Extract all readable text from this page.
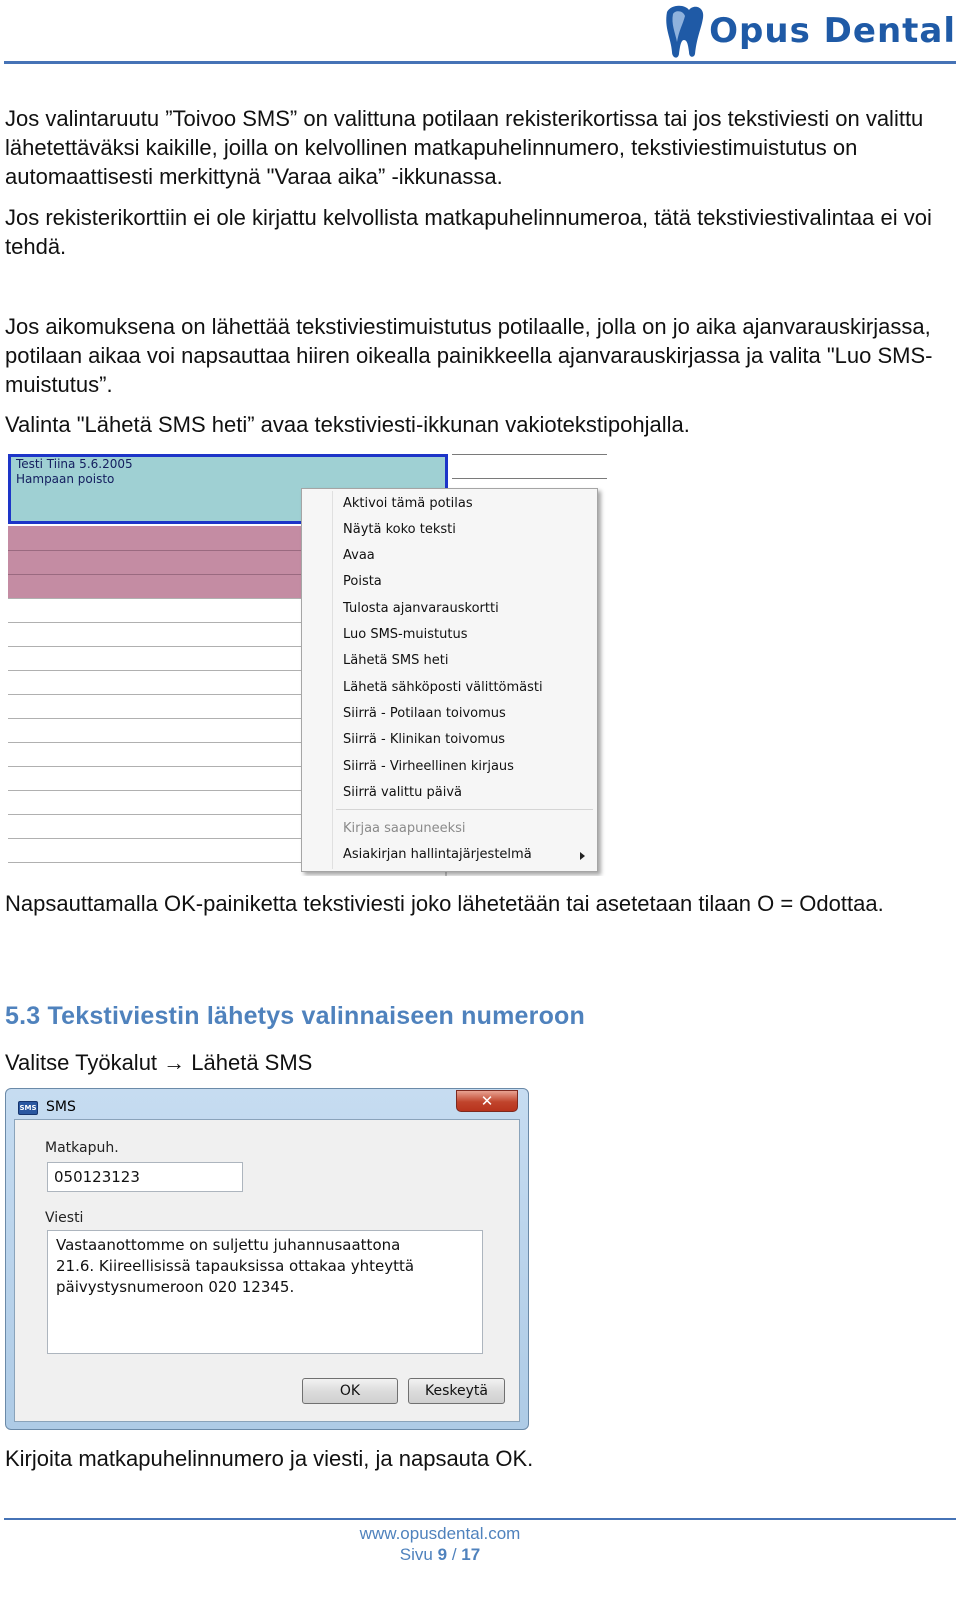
Opus Dental

Jos valintaruutu ”Toivoo SMS” on valittuna potilaan rekisterikortissa tai jos tekstiviesti on valittu lähetettäväksi kaikille, joilla on kelvollinen matkapuhelinnumero, tekstiviestimuistutus on automaattisesti merkittynä "Varaa aika” -ikkunassa.

Jos rekisterikorttiin ei ole kirjattu kelvollista matkapuhelinnumeroa, tätä tekstiviestivalintaa ei voi tehdä.

Jos aikomuksena on lähettää tekstiviestimuistutus potilaalle, jolla on jo aika ajanvarauskirjassa, potilaan aikaa voi napsauttaa hiiren oikealla painikkeella ajanvarauskirjassa ja valita "Luo SMS-muistutus”.

Valinta "Lähetä SMS heti” avaa tekstiviesti-ikkunan vakiotekstipohjalla.

Testi Tiina 5.6.2005
Hampaan poisto
Aktivoi tämä potilas
Näytä koko teksti
Avaa
Poista
Tulosta ajanvarauskortti
Luo SMS-muistutus
Lähetä SMS heti
Lähetä sähköposti välittömästi
Siirrä - Potilaan toivomus
Siirrä - Klinikan toivomus
Siirrä - Virheellinen kirjaus
Siirrä valittu päivä
Kirjaa saapuneeksi
Asiakirjan hallintajärjestelmä

Napsauttamalla OK-painiketta tekstiviesti joko lähetetään tai asetetaan tilaan O = Odottaa.

5.3 Tekstiviestin lähetys valinnaiseen numeroon

Valitse Työkalut → Lähetä SMS

SMS SMS	✕
Matkapuh.
050123123
Viesti
Vastaanottomme on suljettu juhannusaattona
21.6. Kiireellisissä tapauksissa ottakaa yhteyttä
päivystysnumeroon 020 12345.
OK	Keskeytä

Kirjoita matkapuhelinnumero ja viesti, ja napsauta OK.

www.opusdental.com
Sivu 9 / 17
